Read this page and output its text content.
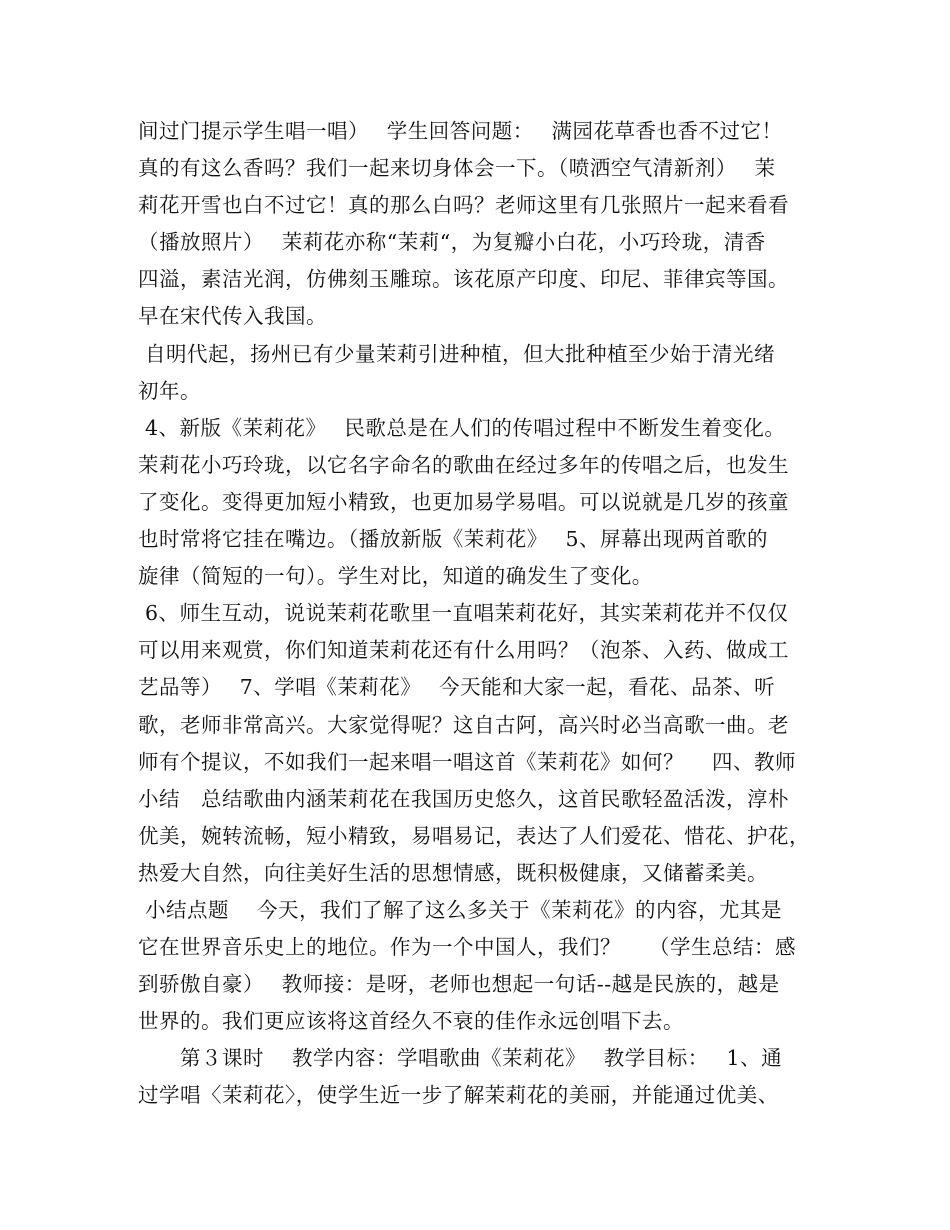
间过门提示学生唱一唱）　 学生回答问题：　 满园花草香也香不过它！
真的有这么香吗？我们一起来切身体会一下。（喷洒空气清新剂）　 茉
莉花开雪也白不过它！真的那么白吗？老师这里有几张照片一起来看看
（播放照片）　 茉莉花亦称“茉莉“，为复瓣小白花，小巧玲珑，清香
四溢，素洁光润，仿佛刻玉雕琼。该花原产印度、印尼、菲律宾等国。
早在宋代传入我国。
自明代起，扬州已有少量茉莉引进种植，但大批种植至少始于清光绪
初年。
4、新版《茉莉花》　 民歌总是在人们的传唱过程中不断发生着变化。
茉莉花小巧玲珑，以它名字命名的歌曲在经过多年的传唱之后，也发生
了变化。变得更加短小精致，也更加易学易唱。可以说就是几岁的孩童
也时常将它挂在嘴边。（播放新版《茉莉花》　 5、屏幕出现两首歌的
旋律（简短的一句）。学生对比，知道的确发生了变化。
6、师生互动，说说茉莉花歌里一直唱茉莉花好，其实茉莉花并不仅仅
可以用来观赏，你们知道茉莉花还有什么用吗？（泡茶、入药、做成工
艺品等）　 7、学唱《茉莉花》　 今天能和大家一起，看花、品茶、听
歌，老师非常高兴。大家觉得呢？这自古阿，高兴时必当高歌一曲。老
师有个提议，不如我们一起来唱一唱这首《茉莉花》如何？　 四、教师
小结　总结歌曲内涵茉莉花在我国历史悠久，这首民歌轻盈活泼，淳朴
优美，婉转流畅，短小精致，易唱易记，表达了人们爱花、惜花、护花，
热爱大自然，向往美好生活的思想情感，既积极健康，又储蓄柔美。
小结点题　 今天，我们了解了这么多关于《茉莉花》的内容，尤其是
它在世界音乐史上的地位。作为一个中国人，我们？　 （学生总结：感
到骄傲自豪）　 教师接：是呀，老师也想起一句话--越是民族的，越是
世界的。我们更应该将这首经久不衰的佳作永远创唱下去。
　　第３课时　 教学内容：学唱歌曲《茉莉花》　 教学目标：　 1、通
过学唱〈茉莉花〉，使学生近一步了解茉莉花的美丽，并能通过优美、
